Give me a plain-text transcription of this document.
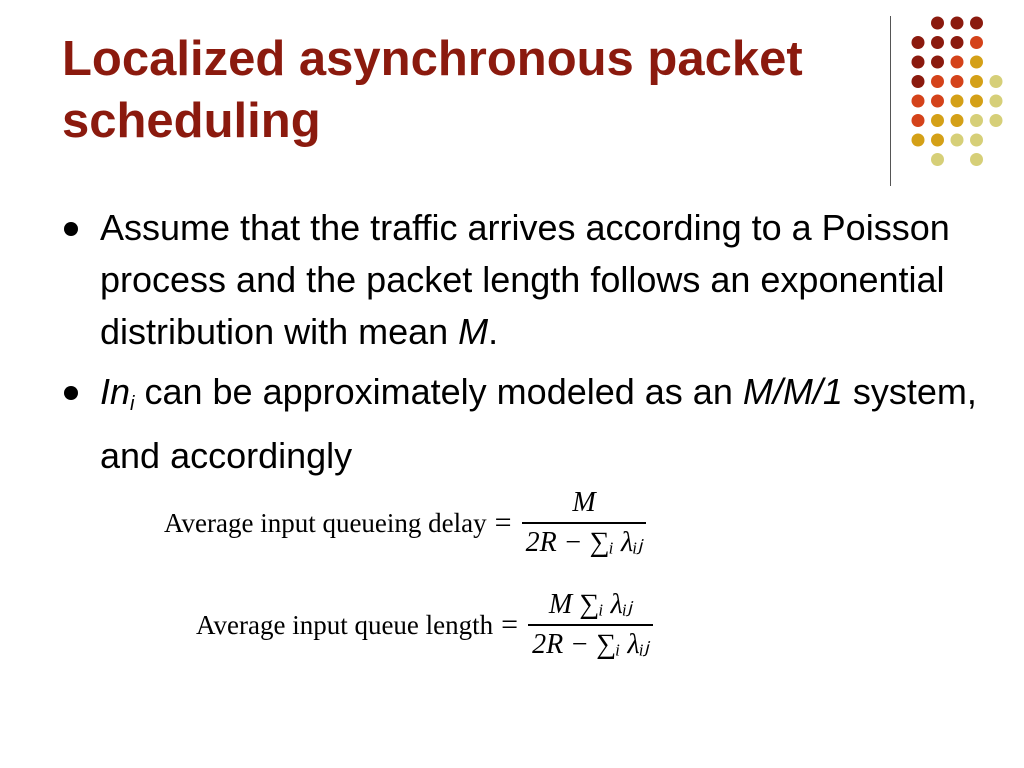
Localized asynchronous packet scheduling
Assume that the traffic arrives according to a Poisson process and the packet length follows an exponential distribution with mean M.
$In_i$ can be approximately modeled as an M/M/1 system, and accordingly
Average input queueing delay = $\frac{M}{\text{2R − ∑ᵢ λᵢⱼ}}$
Average input queue length = $\frac{\text{M ∑ᵢ λᵢⱼ}}{\text{2R − ∑ᵢ λᵢⱼ}}$
